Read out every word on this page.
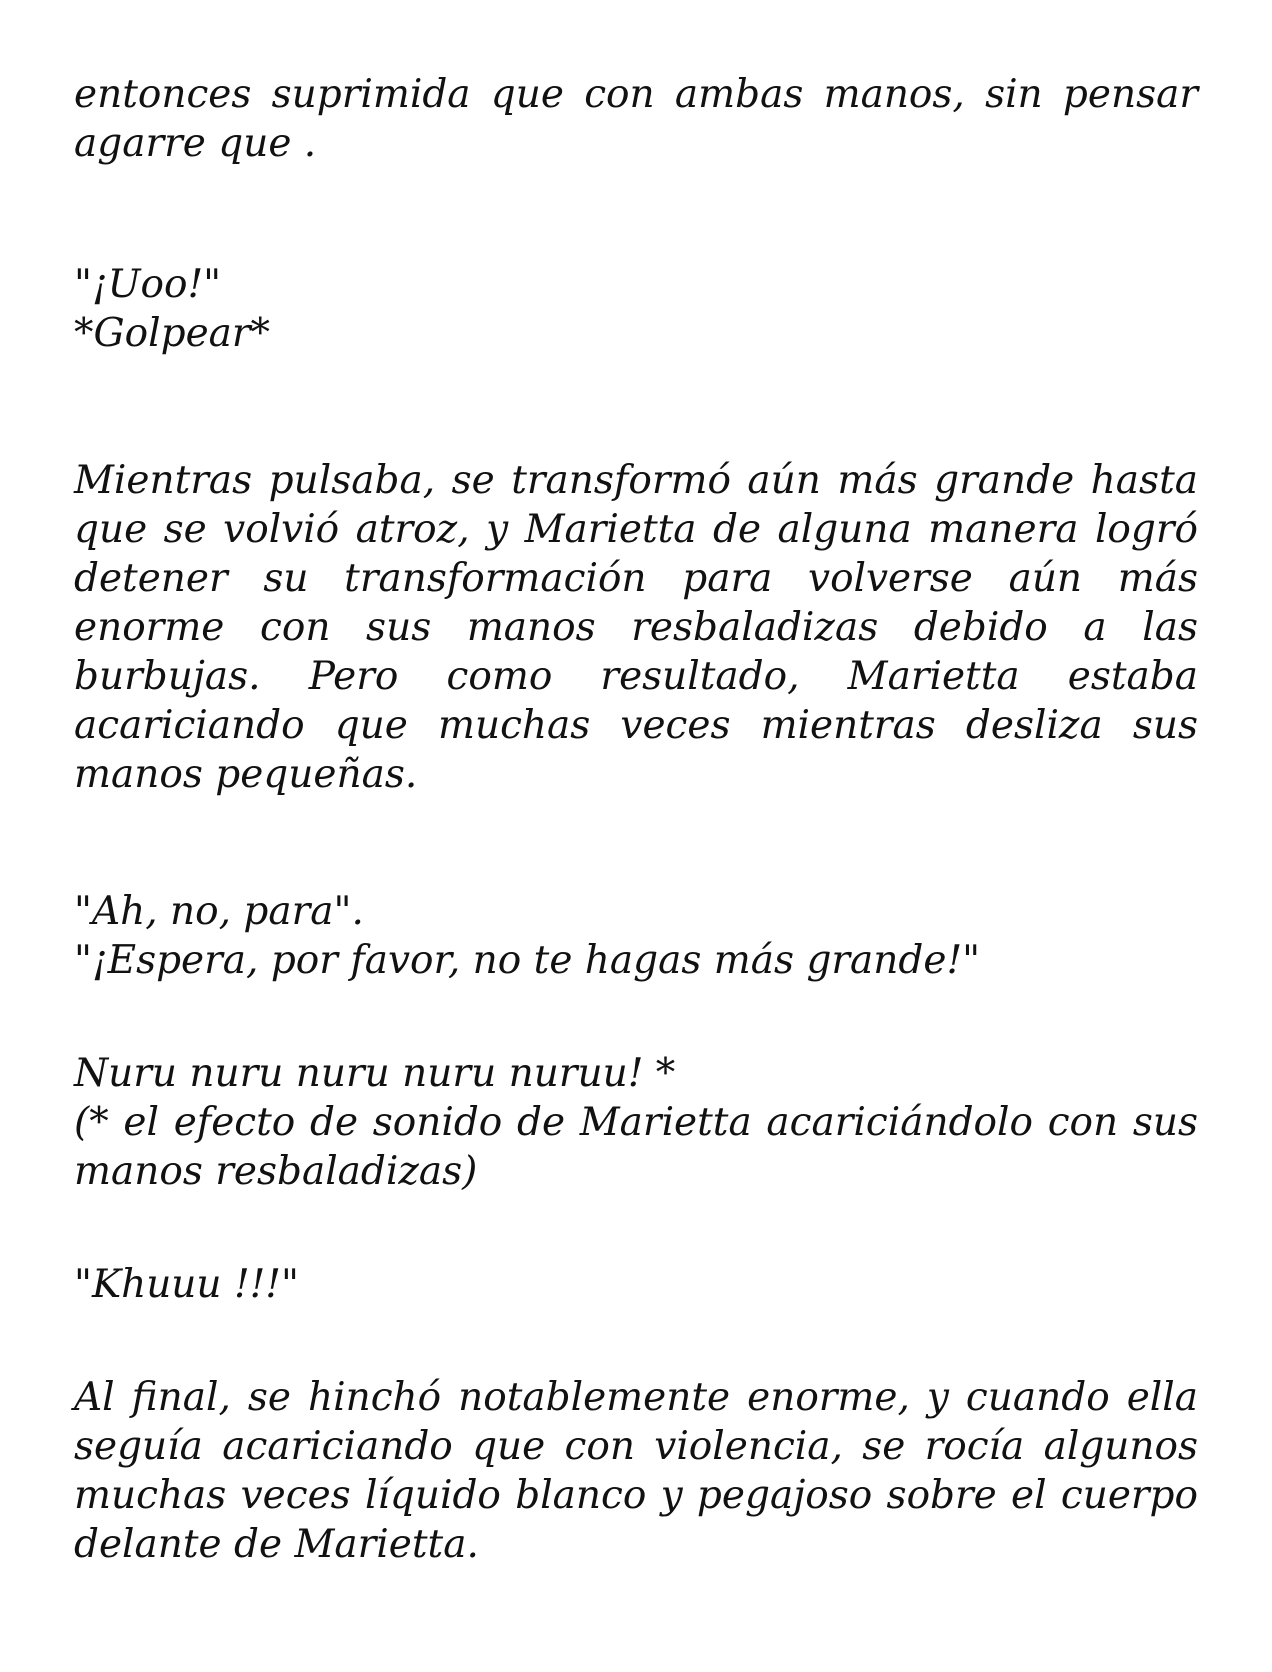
entonces suprimida que con ambas manos, sin pensar agarre que .

"¡Uoo!"
*Golpear*

Mientras pulsaba, se transformó aún más grande hasta que se volvió atroz, y Marietta de alguna manera logró detener su transformación para volverse aún más enorme con sus manos resbaladizas debido a las burbujas. Pero como resultado, Marietta estaba acariciando que muchas veces mientras desliza sus manos pequeñas.

"Ah, no, para".
"¡Espera, por favor, no te hagas más grande!"
Nuru nuru nuru nuru nuruu! *

(* el efecto de sonido de Marietta acariciándolo con sus manos resbaladizas)

"Khuuu !!!"

Al final, se hinchó notablemente enorme, y cuando ella seguía acariciando que con violencia, se rocía algunos muchas veces líquido blanco y pegajoso sobre el cuerpo delante de Marietta.
